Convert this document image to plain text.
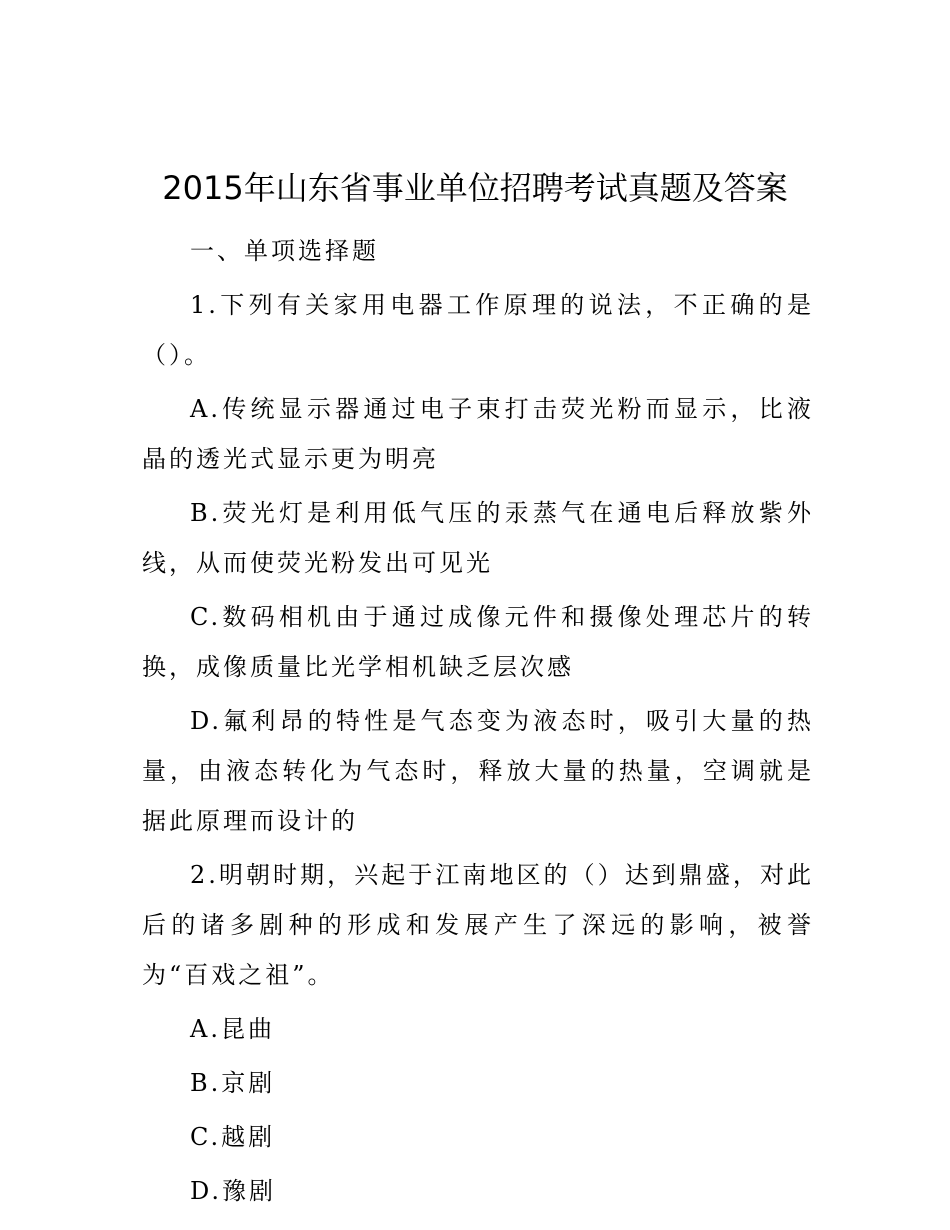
2015年山东省事业单位招聘考试真题及答案

一、单项选择题

1.下列有关家用电器工作原理的说法，不正确的是（）。

A.传统显示器通过电子束打击荧光粉而显示，比液晶的透光式显示更为明亮

B.荧光灯是利用低气压的汞蒸气在通电后释放紫外线，从而使荧光粉发出可见光

C.数码相机由于通过成像元件和摄像处理芯片的转换，成像质量比光学相机缺乏层次感

D.氟利昂的特性是气态变为液态时，吸引大量的热量，由液态转化为气态时，释放大量的热量，空调就是据此原理而设计的

2.明朝时期，兴起于江南地区的（）达到鼎盛，对此后的诸多剧种的形成和发展产生了深远的影响，被誉为“百戏之祖”。

A.昆曲

B.京剧

C.越剧

D.豫剧
